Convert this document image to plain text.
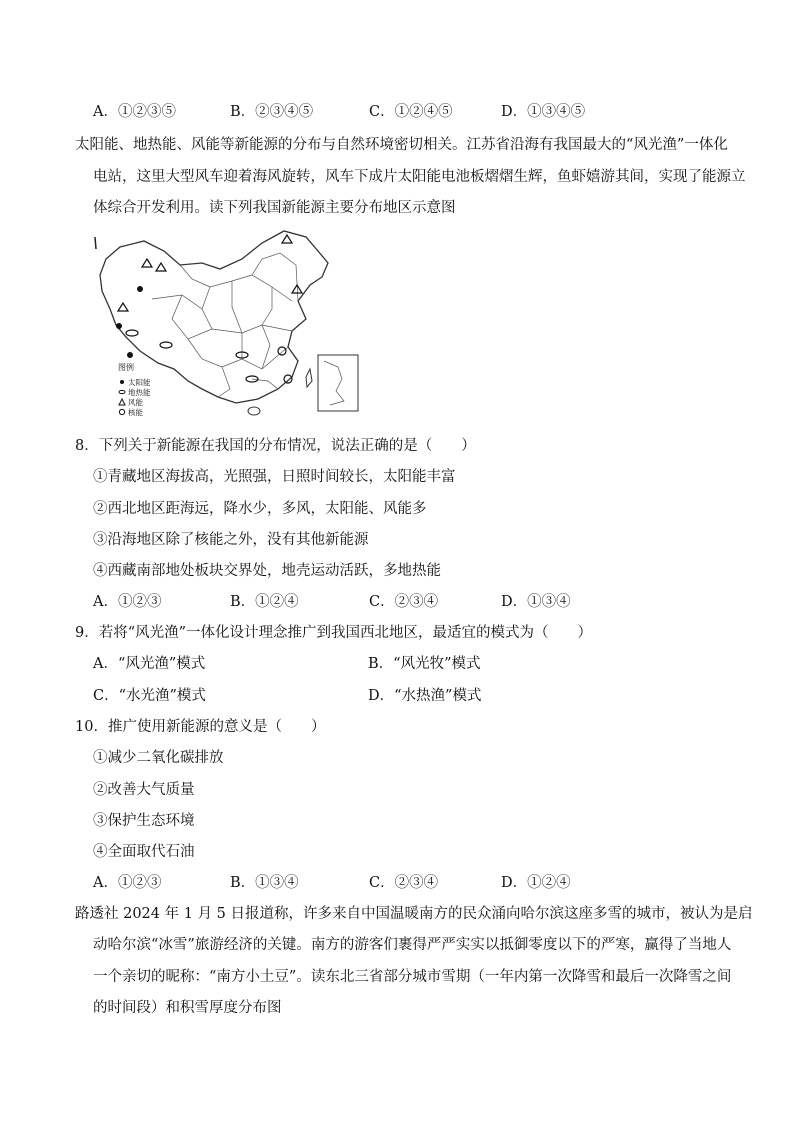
A．①②③⑤	B．②③④⑤	C．①②④⑤	D．①③④⑤
太阳能、地热能、风能等新能源的分布与自然环境密切相关。江苏省沿海有我国最大的“风光渔”一体化
电站，这里大型风车迎着海风旋转，风车下成片太阳能电池板熠熠生辉，鱼虾嬉游其间，实现了能源立
体综合开发利用。读下列我国新能源主要分布地区示意图
图例
太阳能
地热能
风能
核能
8．下列关于新能源在我国的分布情况，说法正确的是（　　）
①青藏地区海拔高，光照强，日照时间较长，太阳能丰富
②西北地区距海远，降水少，多风，太阳能、风能多
③沿海地区除了核能之外，没有其他新能源
④西藏南部地处板块交界处，地壳运动活跃，多地热能
A．①②③	B．①②④	C．②③④	D．①③④
9．若将“风光渔”一体化设计理念推广到我国西北地区，最适宜的模式为（　　）
A．“风光渔”模式	B．“风光牧”模式
C．“水光渔”模式	D．“水热渔”模式
10．推广使用新能源的意义是（　　）
①减少二氧化碳排放
②改善大气质量
③保护生态环境
④全面取代石油
A．①②③	B．①③④	C．②③④	D．①②④
路透社 2024 年 1 月 5 日报道称，许多来自中国温暖南方的民众涌向哈尔滨这座多雪的城市，被认为是启
动哈尔滨“冰雪”旅游经济的关键。南方的游客们裹得严严实实以抵御零度以下的严寒，赢得了当地人
一个亲切的昵称：“南方小土豆”。读东北三省部分城市雪期（一年内第一次降雪和最后一次降雪之间
的时间段）和积雪厚度分布图
